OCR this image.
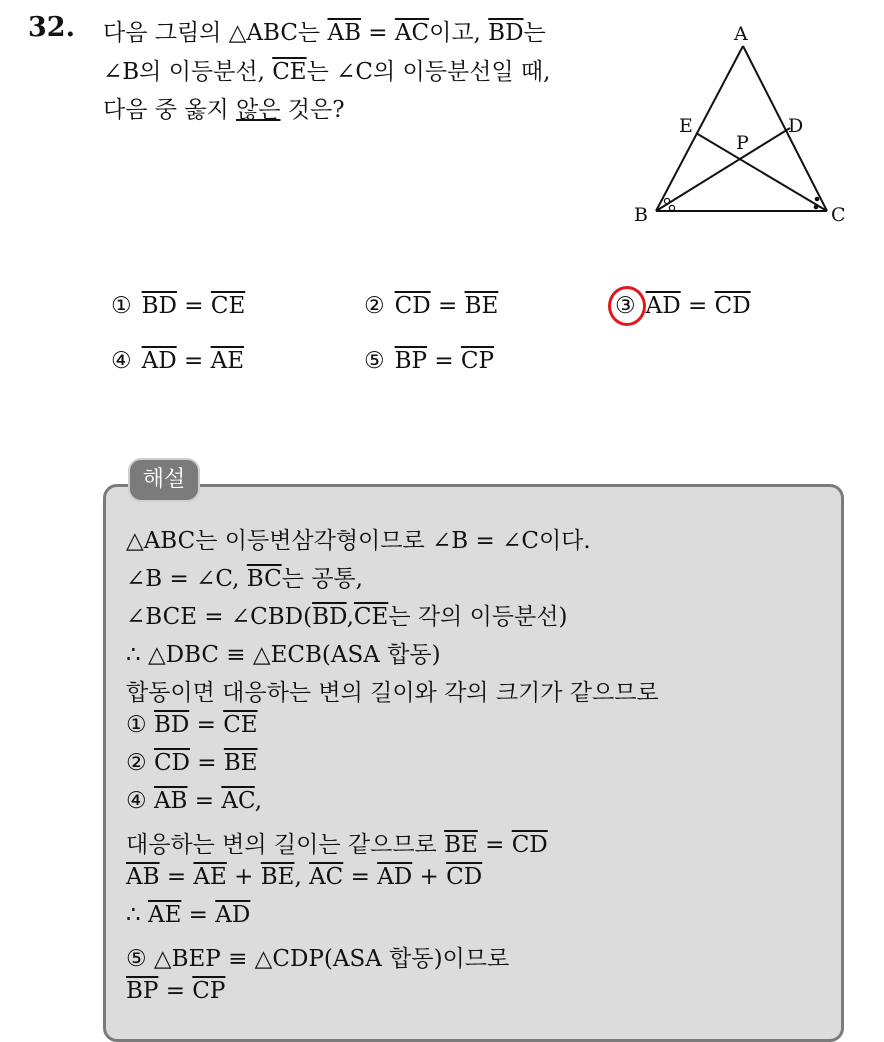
32. 다음 그림의 △ABC는 $\overline{AB} = \overline{AC}$이고, $\overline{BD}$는
∠B의 이등분선, $\overline{CE}$는 ∠C의 이등분선일 때,
다음 중 옳지 않은 것은?
A
B	C
D
E
P
① $\overline{BD} = \overline{CE}$	② $\overline{CD} = \overline{BE}$	③ $\overline{AD} = \overline{CD}$
④ $\overline{AD} = \overline{AE}$	⑤ $\overline{BP} = \overline{CP}$
해설
△ABC는 이등변삼각형이므로 ∠B = ∠C이다.
∠B = ∠C, $\overline{BC}$는 공통,
∠BCE = $\angle CBD(\overline{BD},\overline{CE}$는 각의 이등분선)
∴ △DBC ≡ △ECB(ASA 합동)
합동이면 대응하는 변의 길이와 각의 크기가 같으므로
① $\overline{BD} = \overline{CE}$
② $\overline{CD} = \overline{BE}$
④ $\overline{AB} = \overline{AC}$,
대응하는 변의 길이는 같으므로 $\overline{BE} = \overline{CD}$
$\overline{AB} = \overline{AE} + \overline{BE}$, $\overline{AC} = \overline{AD} + \overline{CD}$
∴ $\overline{AE} = \overline{AD}$
⑤ △BEP ≡ △CDP(ASA 합동)이므로
$\overline{BP} = \overline{CP}$
